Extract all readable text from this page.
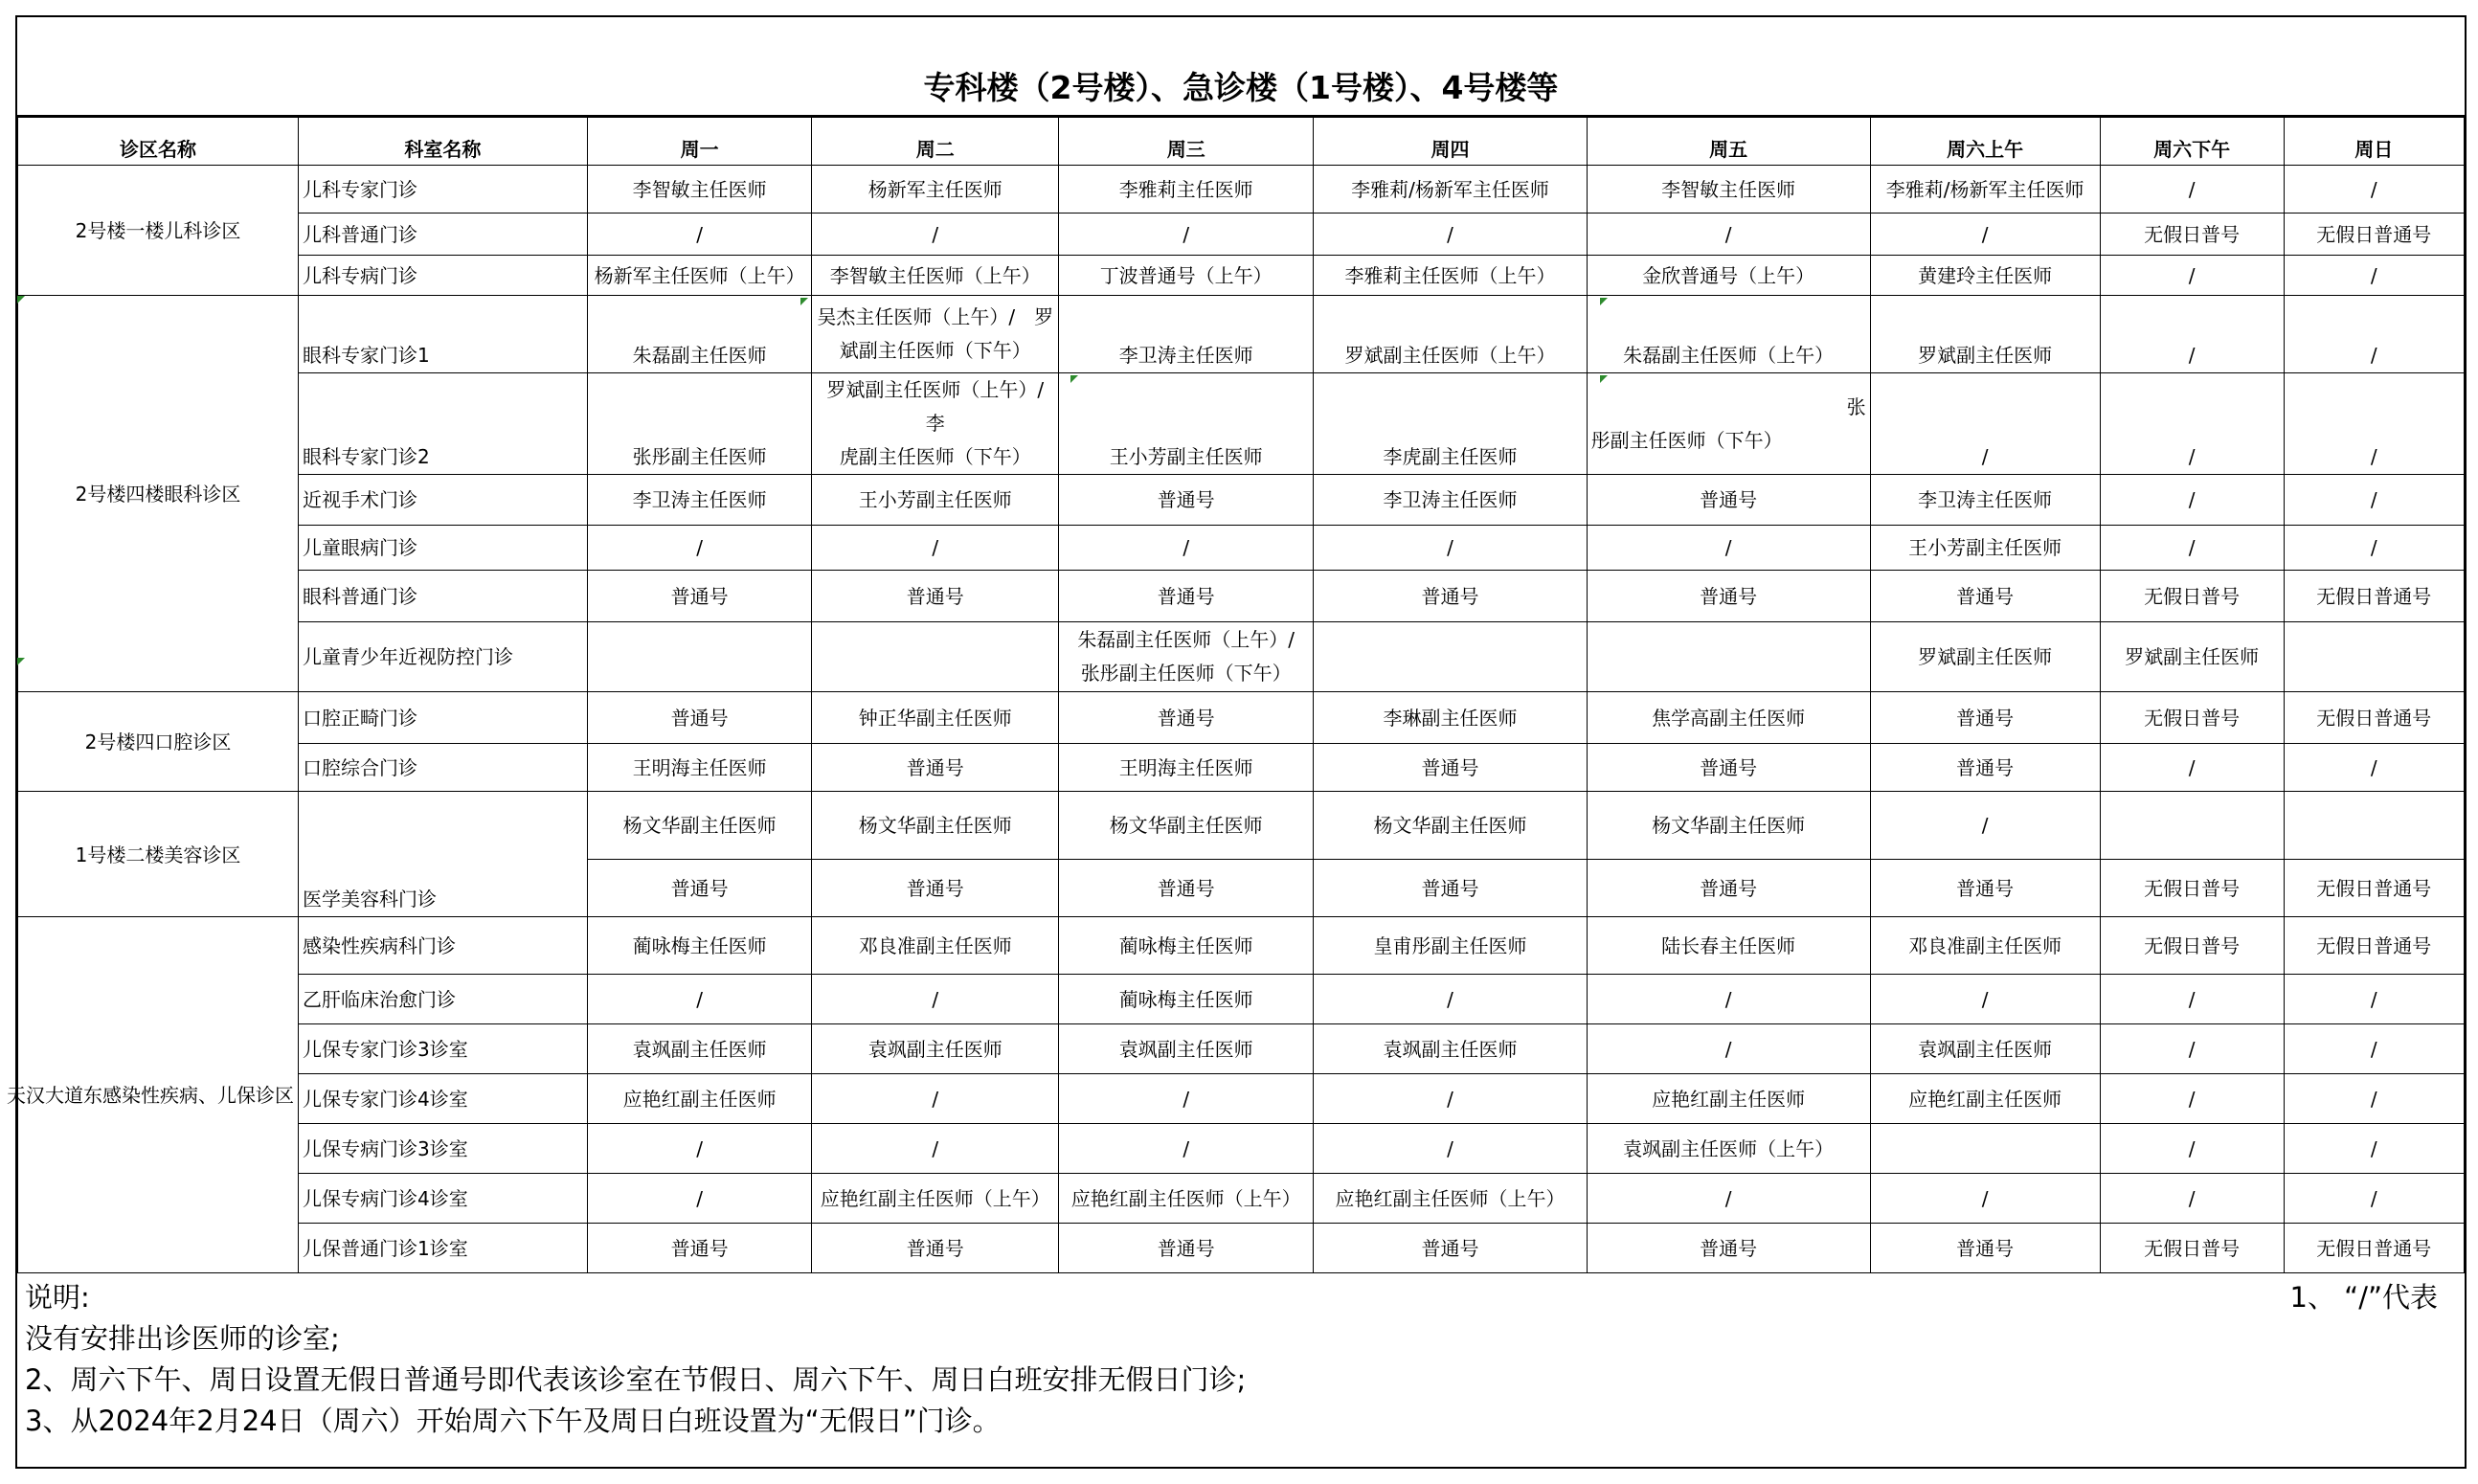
专科楼（2号楼）、急诊楼（1号楼）、4号楼等
诊区名称	科室名称	周一	周二	周三	周四	周五	周六上午	周六下午	周日
2号楼一楼儿科诊区	儿科专家门诊	李智敏主任医师	杨新军主任医师	李雅莉主任医师	李雅莉/杨新军主任医师	李智敏主任医师	李雅莉/杨新军主任医师	/	/
	儿科普通门诊	/	/	/	/	/	/	无假日普号	无假日普通号
	儿科专病门诊	杨新军主任医师（上午）	李智敏主任医师（上午）	丁波普通号（上午）	李雅莉主任医师（上午）	金欣普通号（上午）	黄建玲主任医师	/	/
2号楼四楼眼科诊区	眼科专家门诊1	朱磊副主任医师	吴杰主任医师（上午）/　罗
斌副主任医师（下午）	李卫涛主任医师	罗斌副主任医师（上午）	朱磊副主任医师（上午）	罗斌副主任医师	/	/
	眼科专家门诊2	张彤副主任医师	罗斌副主任医师（上午）/　李
虎副主任医师（下午）	王小芳副主任医师	李虎副主任医师	张
彤副主任医师（下午）	/	/	/
	近视手术门诊	李卫涛主任医师	王小芳副主任医师	普通号	李卫涛主任医师	普通号	李卫涛主任医师	/	/
	儿童眼病门诊	/	/	/	/	/	王小芳副主任医师	/	/
	眼科普通门诊	普通号	普通号	普通号	普通号	普通号	普通号	无假日普号	无假日普通号
	儿童青少年近视防控门诊			朱磊副主任医师（上午）/
张彤副主任医师（下午）			罗斌副主任医师	罗斌副主任医师	
2号楼四口腔诊区	口腔正畸门诊	普通号	钟正华副主任医师	普通号	李琳副主任医师	焦学高副主任医师	普通号	无假日普号	无假日普通号
	口腔综合门诊	王明海主任医师	普通号	王明海主任医师	普通号	普通号	普通号	/	/
1号楼二楼美容诊区	医学美容科门诊	杨文华副主任医师	杨文华副主任医师	杨文华副主任医师	杨文华副主任医师	杨文华副主任医师	/		
		普通号	普通号	普通号	普通号	普通号	普通号	无假日普号	无假日普通号
天汉大道东感染性疾病、儿保诊区	感染性疾病科门诊	蔺咏梅主任医师	邓良准副主任医师	蔺咏梅主任医师	皇甫彤副主任医师	陆长春主任医师	邓良准副主任医师	无假日普号	无假日普通号
	乙肝临床治愈门诊	/	/	蔺咏梅主任医师	/	/	/	/	/
	儿保专家门诊3诊室	袁飒副主任医师	袁飒副主任医师	袁飒副主任医师	袁飒副主任医师	/	袁飒副主任医师	/	/
	儿保专家门诊4诊室	应艳红副主任医师	/	/	/	应艳红副主任医师	应艳红副主任医师	/	/
	儿保专病门诊3诊室	/	/	/	/	袁飒副主任医师（上午）		/	/
	儿保专病门诊4诊室	/	应艳红副主任医师（上午）	应艳红副主任医师（上午）	应艳红副主任医师（上午）	/	/	/	/
	儿保普通门诊1诊室	普通号	普通号	普通号	普通号	普通号	普通号	无假日普号	无假日普通号
说明:	1、 “/”代表
没有安排出诊医师的诊室;
2、周六下午、周日设置无假日普通号即代表该诊室在节假日、周六下午、周日白班安排无假日门诊;
3、从2024年2月24日（周六）开始周六下午及周日白班设置为“无假日”门诊。
